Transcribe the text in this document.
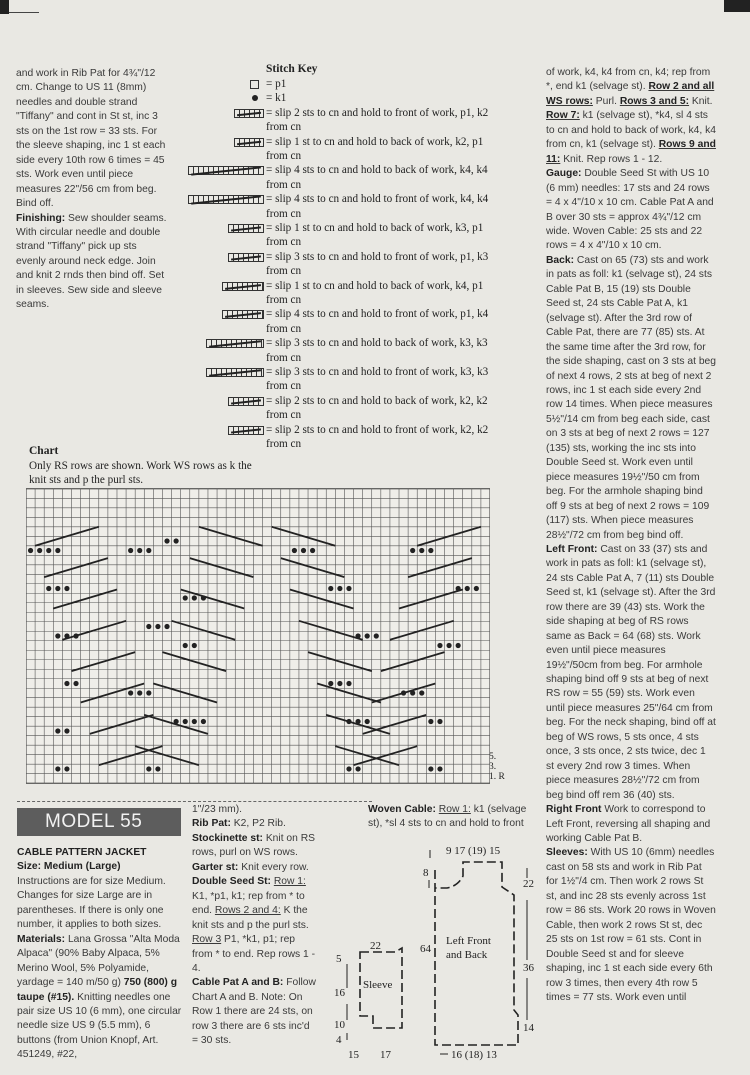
and work in Rib Pat for 4¾"/12 cm. Change to US 11 (8mm) needles and double strand "Tiffany" and cont in St st, inc 3 sts on the 1st row = 33 sts. For the sleeve shaping, inc 1 st each side every 10th row 6 times = 45 sts. Work even until piece measures 22"/56 cm from beg. Bind off.

Finishing: Sew shoulder seams. With circular needle and double strand "Tiffany" pick up sts evenly around neck edge. Join and knit 2 rnds then bind off. Set in sleeves. Sew side and sleeve seams.

Stitch Key
= p1
= k1
= slip 2 sts to cn and hold to front of work, p1, k2
from cn
= slip 1 st to cn and hold to back of work, k2, p1
from cn
= slip 4 sts to cn and hold to back of work, k4, k4
from cn
= slip 4 sts to cn and hold to front of work, k4, k4
from cn
= slip 1 st to cn and hold to back of work, k3, p1
from cn
= slip 3 sts to cn and hold to front of work, p1, k3
from cn
= slip 1 st to cn and hold to back of work, k4, p1
from cn
= slip 4 sts to cn and hold to front of work, p1, k4
from cn
= slip 3 sts to cn and hold to back of work, k3, k3
from cn
= slip 3 sts to cn and hold to front of work, k3, k3
from cn
= slip 2 sts to cn and hold to back of work, k2, k2
from cn
= slip 2 sts to cn and hold to front of work, k2, k2
from cn
Chart
Only RS rows are shown. Work WS rows as k the knit sts and p the purl sts.
5.
3.
1. R
MODEL 55

CABLE PATTERN JACKET

Size: Medium (Large)

Instructions are for size Medium. Changes for size Large are in parentheses. If there is only one number, it applies to both sizes.

Materials: Lana Grossa "Alta Moda Alpaca" (90% Baby Alpaca, 5% Merino Wool, 5% Polyamide, yardage = 140 m/50 g) 750 (800) g taupe (#15). Knitting needles one pair size US 10 (6 mm), one circular needle size US 9 (5.5 mm), 6 buttons (from Union Knopf, Art. 451249, #22,

1"/23 mm).

Rib Pat: K2, P2 Rib.

Stockinette st: Knit on RS rows, purl on WS rows.

Garter st: Knit every row.

Double Seed St: Row 1: K1, *p1, k1; rep from * to end. Rows 2 and 4: K the knit sts and p the purl sts. Row 3 P1, *k1, p1; rep from * to end. Rep rows 1 - 4.

Cable Pat A and B: Follow Chart A and B. Note: On Row 1 there are 24 sts, on row 3 there are 6 sts inc'd = 30 sts.

Woven Cable: Row 1: k1 (selvage st), *sl 4 sts to cn and hold to front

Sleeve
22
5
16
10
4
15 17
Left Front
and Back
9 17 (19) 15
8
22
64
36
14
16 (18) 13

of work, k4, k4 from cn, k4; rep from *, end k1 (selvage st). Row 2 and all WS rows: Purl. Rows 3 and 5: Knit. Row 7: k1 (selvage st), *k4, sl 4 sts to cn and hold to back of work, k4, k4 from cn, k1 (selvage st). Rows 9 and 11: Knit. Rep rows 1 - 12.

Gauge: Double Seed St with US 10 (6 mm) needles: 17 sts and 24 rows = 4 x 4"/10 x 10 cm. Cable Pat A and B over 30 sts = approx 4¾"/12 cm wide. Woven Cable: 25 sts and 22 rows = 4 x 4"/10 x 10 cm.

Back: Cast on 65 (73) sts and work in pats as foll: k1 (selvage st), 24 sts Cable Pat B, 15 (19) sts Double Seed st, 24 sts Cable Pat A, k1 (selvage st). After the 3rd row of Cable Pat, there are 77 (85) sts. At the same time after the 3rd row, for the side shaping, cast on 3 sts at beg of next 4 rows, 2 sts at beg of next 2 rows, inc 1 st each side every 2nd row 14 times. When piece measures 5½"/14 cm from beg each side, cast on 3 sts at beg of next 2 rows = 127 (135) sts, working the inc sts into Double Seed st. Work even until piece measures 19½"/50 cm from beg. For the armhole shaping bind off 9 sts at beg of next 2 rows = 109 (117) sts. When piece measures 28½"/72 cm from beg bind off.

Left Front: Cast on 33 (37) sts and work in pats as foll: k1 (selvage st), 24 sts Cable Pat A, 7 (11) sts Double Seed st, k1 (selvage st). After the 3rd row there are 39 (43) sts. Work the side shaping at beg of RS rows same as Back = 64 (68) sts. Work even until piece measures 19½"/50cm from beg. For armhole shaping bind off 9 sts at beg of next RS row = 55 (59) sts. Work even until piece measures 25"/64 cm from beg. For the neck shaping, bind off at beg of WS rows, 5 sts once, 4 sts once, 3 sts once, 2 sts twice, dec 1 st every 2nd row 3 times. When piece measures 28½"/72 cm from beg bind off rem 36 (40) sts.

Right Front Work to correspond to Left Front, reversing all shaping and working Cable Pat B.

Sleeves: With US 10 (6mm) needles cast on 58 sts and work in Rib Pat for 1½"/4 cm. Then work 2 rows St st, and inc 28 sts evenly across 1st row = 86 sts. Work 20 rows in Woven Cable, then work 2 rows St st, dec 25 sts on 1st row = 61 sts. Cont in Double Seed st and for sleeve shaping, inc 1 st each side every 6th row 3 times, then every 4th row 5 times = 77 sts. Work even until
